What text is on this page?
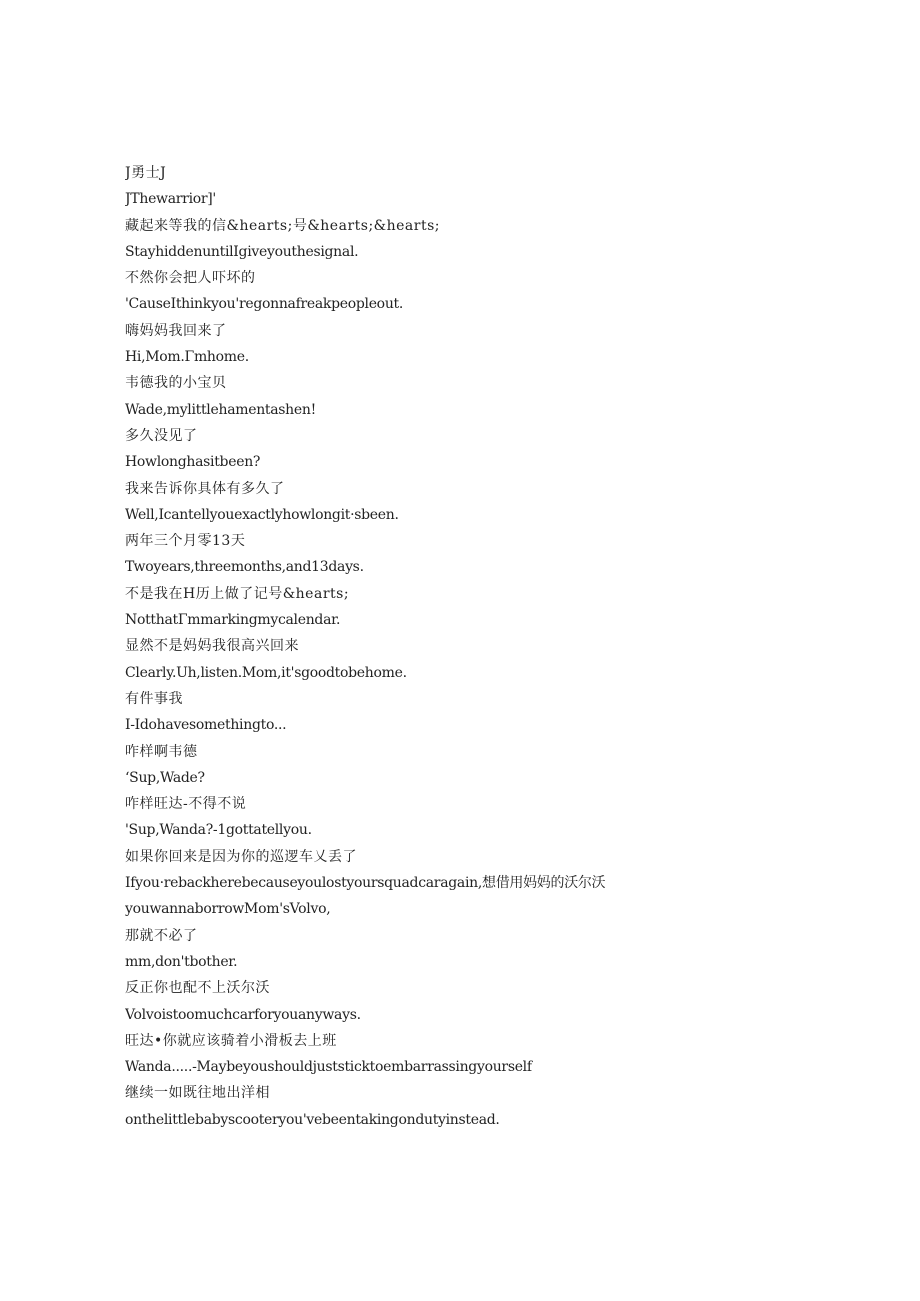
J勇士J
JThewarrior]'
藏起来等我的信&hearts;号&hearts;&hearts;
StayhiddenuntilIgiveyouthesignal.
不然你会把人吓坏的
'CauseIthinkyou'regonnafreakpeopleout.
嗨妈妈我回来了
Hi,Mom.Γmhome.
韦德我的小宝贝
Wade,mylittlehamentashen!
多久没见了
Howlonghasitbeen?
我来告诉你具体有多久了
Well,Icantellyouexactlyhowlongit·sbeen.
两年三个月零13天
Twoyears,threemonths,and13days.
不是我在H历上做了记号&hearts;
NotthatΓmmarkingmycalendar.
显然不是妈妈我很高兴回来
Clearly.Uh,listen.Mom,it'sgoodtobehome.
有件事我
I-Idohavesomethingto...
咋样啊韦德
‘Sup,Wade?
咋样旺达-不得不说
'Sup,Wanda?-1gottatellyou.
如果你回来是因为你的巡逻车乂丢了
Ifyou·rebackherebecauseyoulostyoursquadcaragain,想借用妈妈的沃尔沃
youwannaborrowMom'sVolvo,
那就不必了
mm,don'tbother.
反正你也配不上沃尔沃
Volvoistoomuchcarforyouanyways.
旺达•你就应该骑着小滑板去上班
Wanda.....-Maybeyoushouldjuststicktoembarrassingyourself
继续一如既往地出洋相
onthelittlebabyscooteryou'vebeentakingondutyinstead.
